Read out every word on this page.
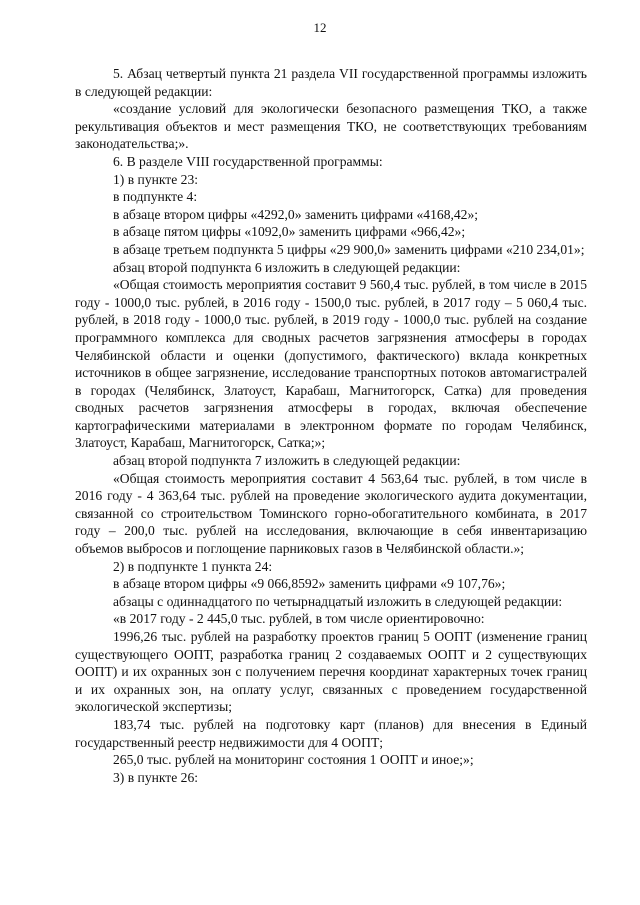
12

5. Абзац четвертый пункта 21 раздела VII государственной программы изложить в следующей редакции:

«создание условий для экологически безопасного размещения ТКО, а также рекультивация объектов и мест размещения ТКО, не соответствующих требованиям законодательства;».

6. В разделе VIII государственной программы:

1) в пункте 23:

в подпункте 4:

в абзаце втором цифры «4292,0» заменить цифрами «4168,42»;

в абзаце пятом цифры «1092,0» заменить цифрами «966,42»;

в абзаце третьем подпункта 5 цифры «29 900,0» заменить цифрами «210 234,01»;

абзац второй подпункта 6 изложить в следующей редакции:

«Общая стоимость мероприятия составит 9 560,4 тыс. рублей, в том числе в 2015 году - 1000,0 тыс. рублей, в 2016 году - 1500,0 тыс. рублей, в 2017 году – 5 060,4 тыс. рублей, в 2018 году - 1000,0 тыс. рублей, в 2019 году - 1000,0 тыс. рублей на создание программного комплекса для сводных расчетов загрязнения атмосферы в городах Челябинской области и оценки (допустимого, фактического) вклада конкретных источников в общее загрязнение, исследование транспортных потоков автомагистралей в городах (Челябинск, Златоуст, Карабаш, Магнитогорск, Сатка) для проведения сводных расчетов загрязнения атмосферы в городах, включая обеспечение картографическими материалами в электронном формате по городам Челябинск, Златоуст, Карабаш, Магнитогорск, Сатка;»;

абзац второй подпункта 7 изложить в следующей редакции:

«Общая стоимость мероприятия составит 4 563,64 тыс. рублей, в том числе в 2016 году - 4 363,64 тыс. рублей на проведение экологического аудита документации, связанной со строительством Томинского горно-обогатительного комбината, в 2017 году – 200,0 тыс. рублей на исследования, включающие в себя инвентаризацию объемов выбросов и поглощение парниковых газов в Челябинской области.»;

2) в подпункте 1 пункта 24:

в абзаце втором цифры «9 066,8592» заменить цифрами «9 107,76»;

абзацы с одиннадцатого по четырнадцатый изложить в следующей редакции:

«в 2017 году - 2 445,0 тыс. рублей, в том числе ориентировочно:

1996,26 тыс. рублей на разработку проектов границ 5 ООПТ (изменение границ существующего ООПТ, разработка границ 2 создаваемых ООПТ и 2 существующих ООПТ) и их охранных зон с получением перечня координат характерных точек границ и их охранных зон, на оплату услуг, связанных с проведением государственной экологической экспертизы;

183,74 тыс. рублей на подготовку карт (планов) для внесения в Единый государственный реестр недвижимости для 4 ООПТ;

265,0 тыс. рублей на мониторинг состояния 1 ООПТ и иное;»;

3) в пункте 26:
